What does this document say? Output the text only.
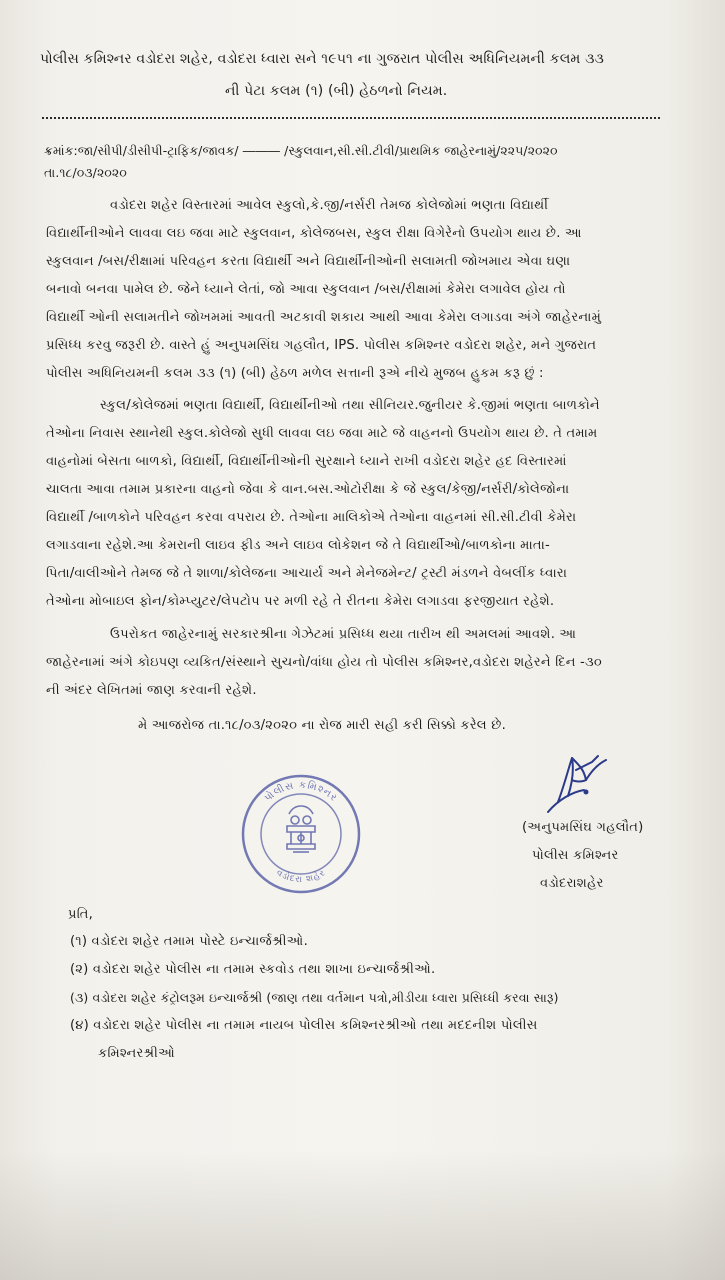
પોલીસ કમિશ્નર વડોદરા શહેર, વડોદરા ધ્વારા સને ૧૯૫૧ ના ગુજરાત પોલીસ અધિનિયમની કલમ ૩૩
ની પેટા કલમ (૧) (બી) હેઠળનો નિયમ.
ક્રમાંક:જા/સીપી/ડીસીપી-ટ્રાફિક/જાવક/ ――― /સ્કુલવાન,સી.સી.ટીવી/પ્રાથમિક જાહેરનામું/૨૨૫/૨૦૨૦
તા.૧૮/૦૩/૨૦૨૦
વડોદરા શહેર વિસ્તારમાં આવેલ સ્કુલો,કે.જી/નર્સરી તેમજ કોલેજોમાં ભણતા વિદ્યાર્થી
વિદ્યાર્થીનીઓને લાવવા લઇ જવા માટે સ્કુલવાન, કોલેજબસ, સ્કુલ રીક્ષા વિગેરેનો ઉપયોગ થાય છે. આ
સ્કુલવાન /બસ/રીક્ષામાં પરિવહન કરતા વિદ્યાર્થી અને વિદ્યાર્થીનીઓની સલામતી જોખમાય એવા ઘણા
બનાવો બનવા પામેલ છે. જેને ધ્યાને લેતાં, જો આવા સ્કુલવાન /બસ/રીક્ષામાં કેમેરા લગાવેલ હોય તો
વિદ્યાર્થી ઓની સલામતીને જોખમમાં આવતી અટકાવી શકાય આથી આવા કેમેરા લગાડવા અંગે જાહેરનામું
પ્રસિધ્ધ કરવુ જરૂરી છે. વાસ્તે હું અનુપમસિંઘ ગહલૌત, IPS. પોલીસ કમિશ્નર વડોદરા શહેર, મને ગુજરાત
પોલીસ અધિનિયમની કલમ ૩૩ (૧) (બી) હેઠળ મળેલ સત્તાની રૂએ નીચે મુજબ હુકમ કરૂ છું :
સ્કુલ/કોલેજમાં ભણતા વિદ્યાર્થી, વિદ્યાર્થીનીઓ તથા સીનિયર.જુનીયર કે.જીમાં ભણતા બાળકોને
તેઓના નિવાસ સ્થાનેથી સ્કુલ.કોલેજો સુધી લાવવા લઇ જવા માટે જે વાહનનો ઉપયોગ થાય છે. તે તમામ
વાહનોમાં બેસતા બાળકો, વિદ્યાર્થી, વિદ્યાર્થીનીઓની સુરક્ષાને ધ્યાને રાખી વડોદરા શહેર હદ વિસ્તારમાં
ચાલતા આવા તમામ પ્રકારના વાહનો જેવા કે વાન.બસ.ઓટોરીક્ષા કે જે સ્કુલ/કેજી/નર્સરી/કોલેજોના
વિદ્યાર્થી /બાળકોને પરિવહન કરવા વપરાય છે. તેઓના માલિકોએ તેઓના વાહનમાં સી.સી.ટીવી કેમેરા
લગાડવાના રહેશે.આ કેમરાની લાઇવ ફીડ અને લાઇવ લોકેશન જે તે વિદ્યાર્થીઓ/બાળકોના માતા-
પિતા/વાલીઓને તેમજ જે તે શાળા/કોલેજના આચાર્ય અને મેનેજમેન્ટ/ ટ્રસ્ટી મંડળને વેબલીંક ધ્વારા
તેઓના મોબાઇલ ફોન/કોમ્પ્યુટર/લેપટોપ પર મળી રહે તે રીતના કેમેરા લગાડવા ફરજીયાત રહેશે.
ઉપરોકત જાહેરનામું સરકારશ્રીના ગેઝેટમાં પ્રસિધ્ધ થયા તારીખ થી અમલમાં આવશે. આ
જાહેરનામાં અંગે કોઇપણ વ્યકિત/સંસ્થાને સુચનો/વાંધા હોય તો પોલીસ કમિશ્નર,વડોદરા શહેરને દિન -૩૦
ની અંદર લેખિતમાં જાણ કરવાની રહેશે.
મે આજરોજ તા.૧૮/૦૩/૨૦૨૦ ના રોજ મારી સહી કરી સિક્કો કરેલ છે.
પોલીસ કમિશ્નર
વડોદરા શહેર
(અનુપમસિંઘ ગહલૌત)
પોલીસ કમિશ્નર
વડોદરાશહેર
પ્રતિ,
(૧) વડોદરા શહેર તમામ પોસ્ટે ઇન્ચાર્જશ્રીઓ.
(૨) વડોદરા શહેર પોલીસ ના તમામ સ્કવોડ તથા શાખા ઇન્ચાર્જશ્રીઓ.
(૩) વડોદરા શહેર કંટ્રોલરૂમ ઇન્ચાર્જશ્રી (જાણ તથા વર્તમાન પત્રો,મીડીયા ધ્વારા પ્રસિધ્ધી કરવા સારૂ)
(૪) વડોદરા શહેર પોલીસ ના તમામ નાયબ પોલીસ કમિશ્નરશ્રીઓ તથા મદદનીશ પોલીસ
કમિશ્નરશ્રીઓ
